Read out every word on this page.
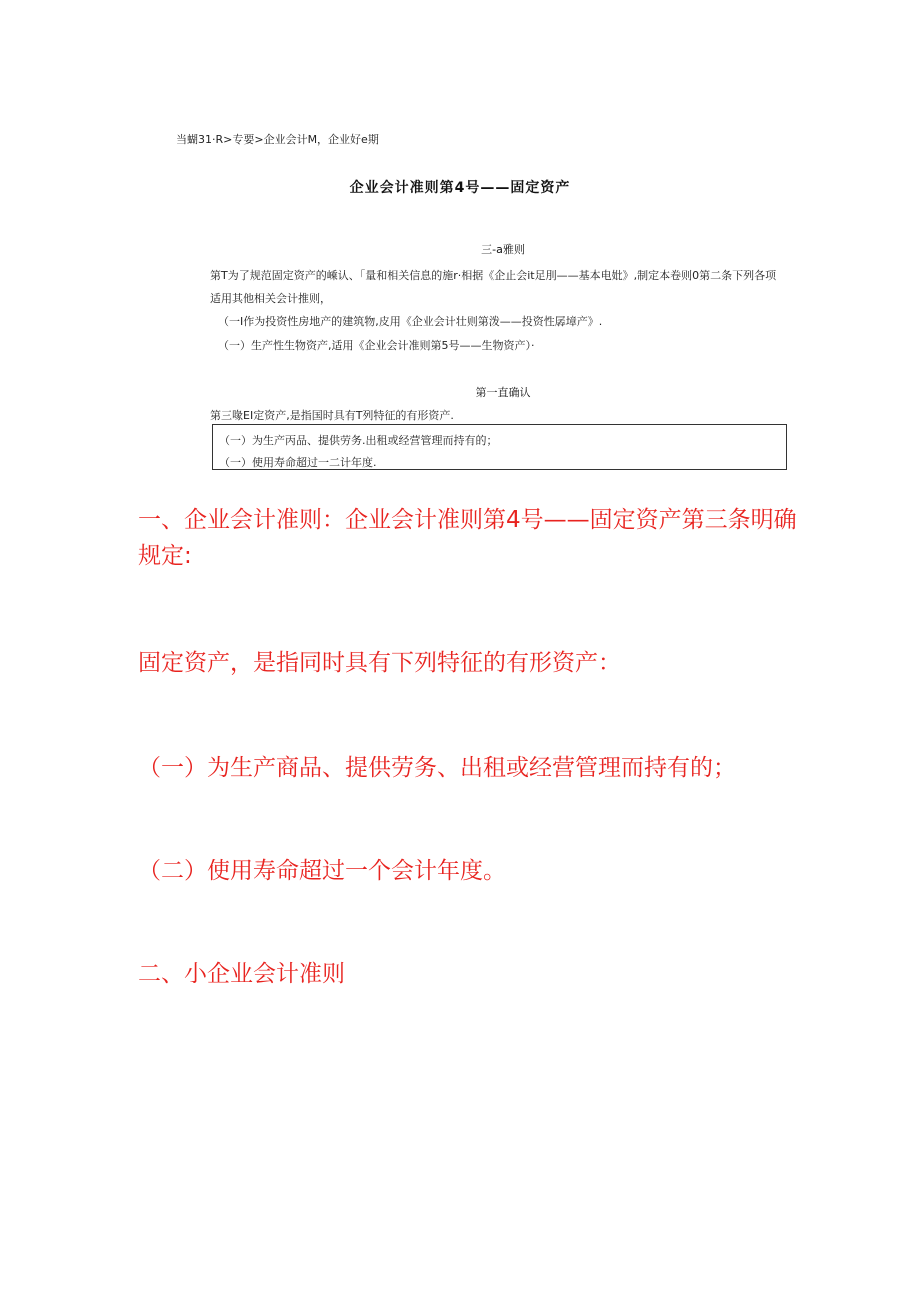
当蝴31·R>专要>企业会计M，企业好e期
企业会计准则第4号——固定资产
三-a雅则
第T为了规范固定资产的嵊认、「量和相关信息的施r·相据《企止会it足刖——基本电妣》,制定本卷则0第二条下列各项
适用其他相关会计推则，
（一I作为投资性房地产的建筑物,皮用《企业会计壮则第泼——投资性孱墇产》.
（一）生产性生物资产,适用《企业会计准则第5号——生物资产）·
第一直确认
第三喙EI定资产,是指国时具有T列特征的有形资产.
（一）为生产丙品、提供劳务.出租或经营管理而持有的；
（一）使用寿命超过一二计年度.
一、企业会计准则：企业会计准则第4号——固定资产第三条明确规定:
固定资产，是指同时具有下列特征的有形资产：
（一）为生产商品、提供劳务、出租或经营管理而持有的；
（二）使用寿命超过一个会计年度。
二、小企业会计准则
